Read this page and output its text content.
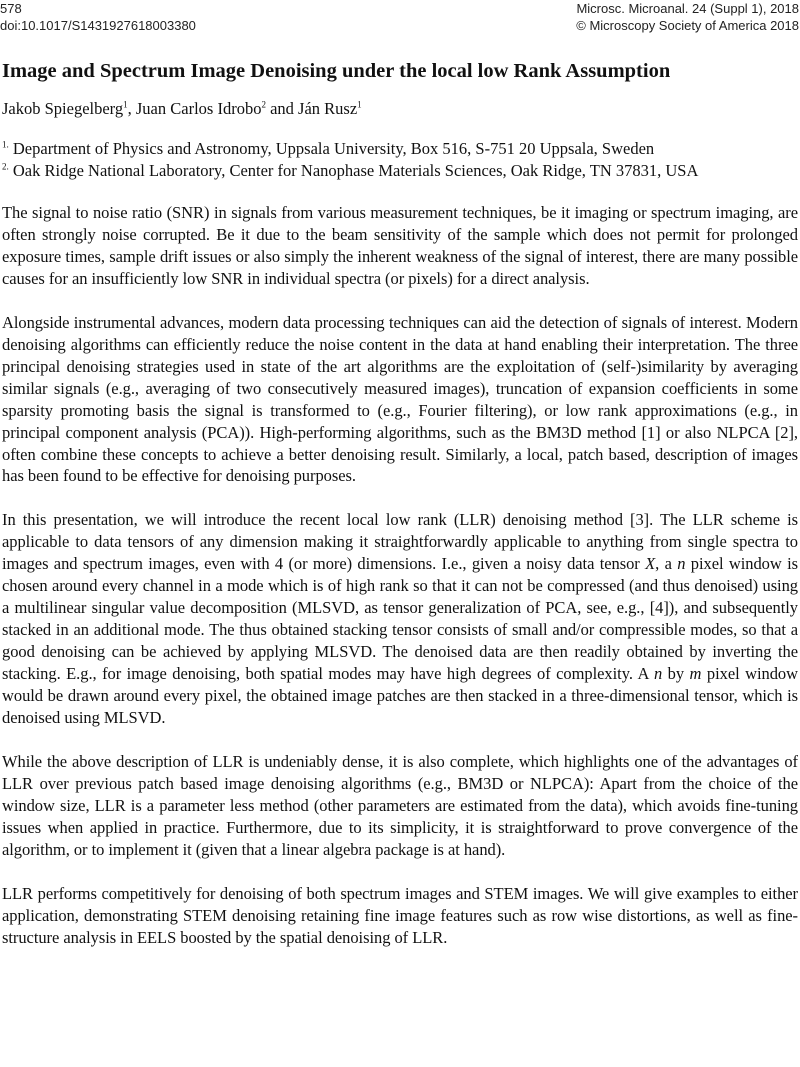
578	Microsc. Microanal. 24 (Suppl 1), 2018
doi:10.1017/S1431927618003380	© Microscopy Society of America 2018
Image and Spectrum Image Denoising under the local low Rank Assumption
Jakob Spiegelberg$^1$, Juan Carlos Idrobo$^2$ and Ján Rusz$^1$

$^{1.}$ Department of Physics and Astronomy, Uppsala University, Box 516, S-751 20 Uppsala, Sweden

$^{2.}$ Oak Ridge National Laboratory, Center for Nanophase Materials Sciences, Oak Ridge, TN 37831, USA

The signal to noise ratio (SNR) in signals from various measurement techniques, be it imaging or spectrum imaging, are often strongly noise corrupted. Be it due to the beam sensitivity of the sample which does not permit for prolonged exposure times, sample drift issues or also simply the inherent weakness of the signal of interest, there are many possible causes for an insufficiently low SNR in individual spectra (or pixels) for a direct analysis.

Alongside instrumental advances, modern data processing techniques can aid the detection of signals of interest. Modern denoising algorithms can efficiently reduce the noise content in the data at hand enabling their interpretation. The three principal denoising strategies used in state of the art algorithms are the exploitation of (self-)similarity by averaging similar signals (e.g., averaging of two consecutively measured images), truncation of expansion coefficients in some sparsity promoting basis the signal is transformed to (e.g., Fourier filtering), or low rank approximations (e.g., in principal component analysis (PCA)). High-performing algorithms, such as the BM3D method [1] or also NLPCA [2], often combine these concepts to achieve a better denoising result. Similarly, a local, patch based, description of images has been found to be effective for denoising purposes.

In this presentation, we will introduce the recent local low rank (LLR) denoising method [3]. The LLR scheme is applicable to data tensors of any dimension making it straightforwardly applicable to anything from single spectra to images and spectrum images, even with 4 (or more) dimensions. I.e., given a noisy data tensor X, a n pixel window is chosen around every channel in a mode which is of high rank so that it can not be compressed (and thus denoised) using a multilinear singular value decomposition (MLSVD, as tensor generalization of PCA, see, e.g., [4]), and subsequently stacked in an additional mode. The thus obtained stacking tensor consists of small and/or compressible modes, so that a good denoising can be achieved by applying MLSVD. The denoised data are then readily obtained by inverting the stacking. E.g., for image denoising, both spatial modes may have high degrees of complexity. A n by m pixel window would be drawn around every pixel, the obtained image patches are then stacked in a three-dimensional tensor, which is denoised using MLSVD.

While the above description of LLR is undeniably dense, it is also complete, which highlights one of the advantages of LLR over previous patch based image denoising algorithms (e.g., BM3D or NLPCA): Apart from the choice of the window size, LLR is a parameter less method (other parameters are estimated from the data), which avoids fine-tuning issues when applied in practice. Furthermore, due to its simplicity, it is straightforward to prove convergence of the algorithm, or to implement it (given that a linear algebra package is at hand).

LLR performs competitively for denoising of both spectrum images and STEM images. We will give examples to either application, demonstrating STEM denoising retaining fine image features such as row wise distortions, as well as fine-structure analysis in EELS boosted by the spatial denoising of LLR.
